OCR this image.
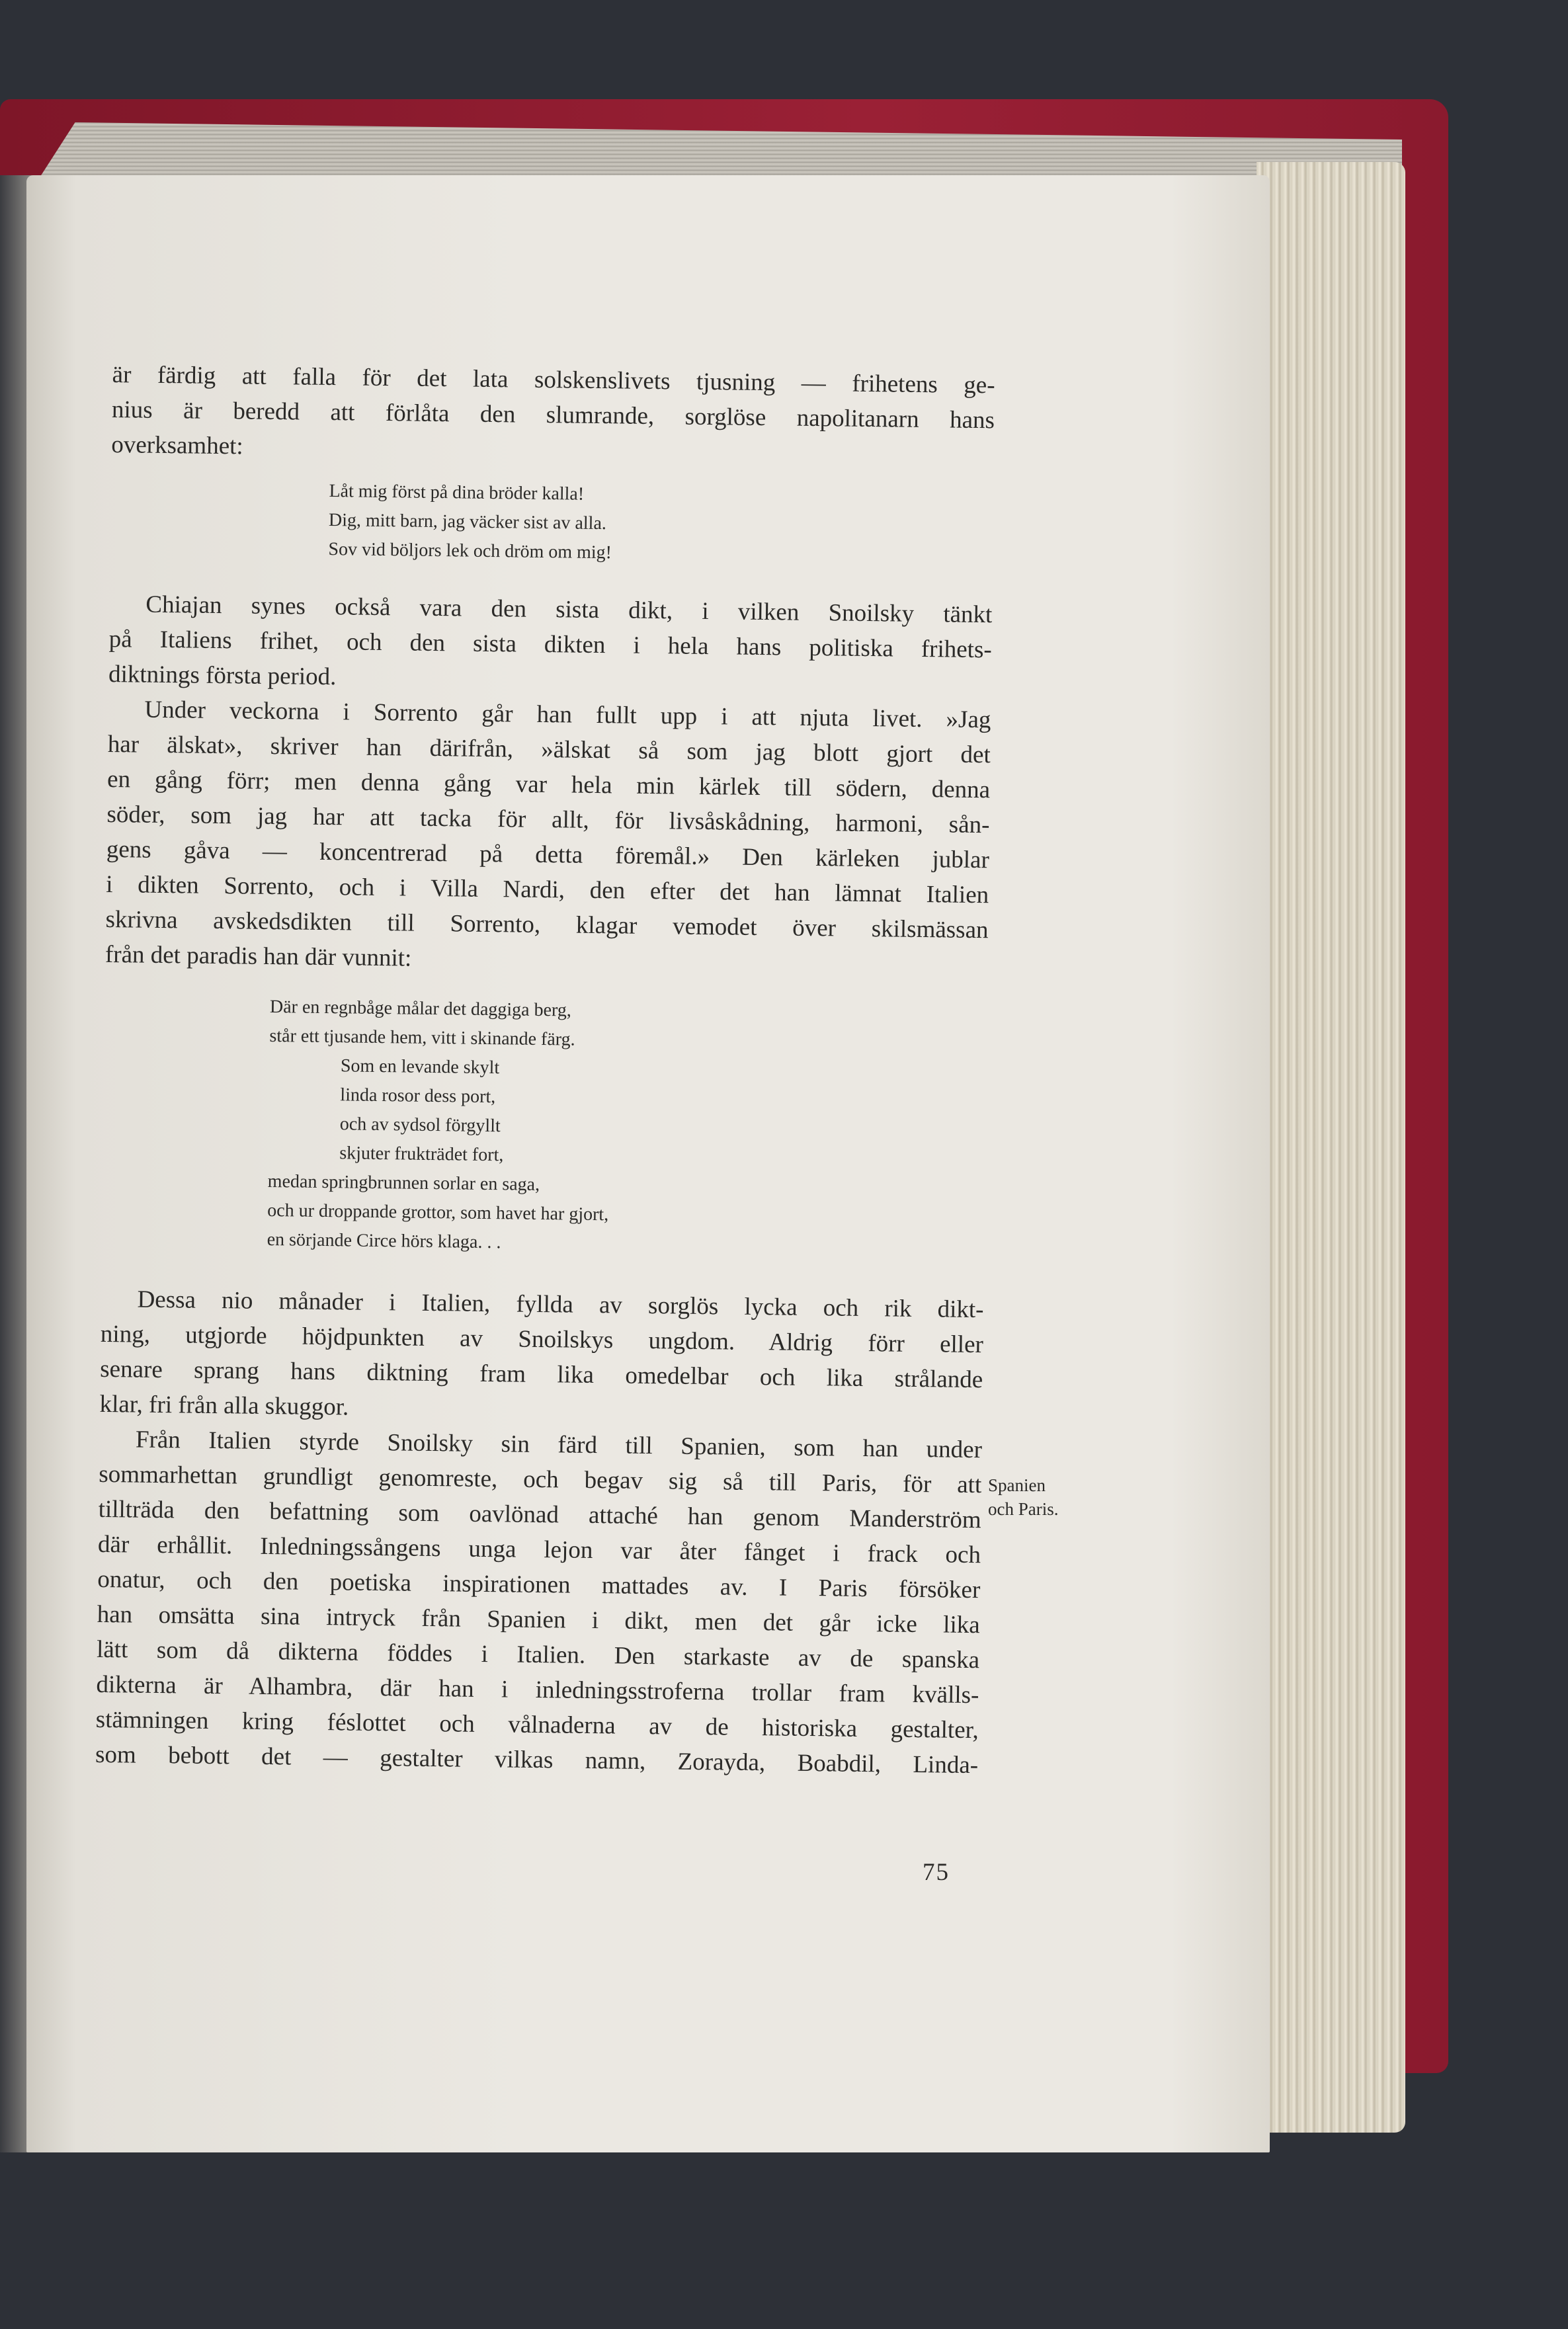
är färdig att falla för det lata solskenslivets tjusning — frihetens ge-
nius är beredd att förlåta den slumrande, sorglöse napolitanarn hans
overksamhet:

Låt mig först på dina bröder kalla!
Dig, mitt barn, jag väcker sist av alla.
Sov vid böljors lek och dröm om mig!

Chiajan synes också vara den sista dikt, i vilken Snoilsky tänkt
på Italiens frihet, och den sista dikten i hela hans politiska frihets-
diktnings första period.

Under veckorna i Sorrento går han fullt upp i att njuta livet. »Jag
har älskat», skriver han därifrån, »älskat så som jag blott gjort det
en gång förr; men denna gång var hela min kärlek till södern, denna
söder, som jag har att tacka för allt, för livsåskådning, harmoni, sån-
gens gåva — koncentrerad på detta föremål.» Den kärleken jublar
i dikten Sorrento, och i Villa Nardi, den efter det han lämnat Italien
skrivna avskedsdikten till Sorrento, klagar vemodet över skilsmässan
från det paradis han där vunnit:

Där en regnbåge målar det daggiga berg,
står ett tjusande hem, vitt i skinande färg.
Som en levande skylt
linda rosor dess port,
och av sydsol förgyllt
skjuter frukträdet fort,
medan springbrunnen sorlar en saga,
och ur droppande grottor, som havet har gjort,
en sörjande Circe hörs klaga. . .

Dessa nio månader i Italien, fyllda av sorglös lycka och rik dikt-
ning, utgjorde höjdpunkten av Snoilskys ungdom. Aldrig förr eller
senare sprang hans diktning fram lika omedelbar och lika strålande
klar, fri från alla skuggor.

Från Italien styrde Snoilsky sin färd till Spanien, som han under
sommarhettan grundligt genomreste, och begav sig så till Paris, för att
tillträda den befattning som oavlönad attaché han genom Manderström
där erhållit. Inledningssångens unga lejon var åter fånget i frack och
onatur, och den poetiska inspirationen mattades av. I Paris försöker
han omsätta sina intryck från Spanien i dikt, men det går icke lika
lätt som då dikterna föddes i Italien. Den starkaste av de spanska
dikterna är Alhambra, där han i inledningsstroferna trollar fram kvälls-
stämningen kring féslottet och vålnaderna av de historiska gestalter,
som bebott det — gestalter vilkas namn, Zorayda, Boabdil, Linda-

Spanien
och Paris.
75
